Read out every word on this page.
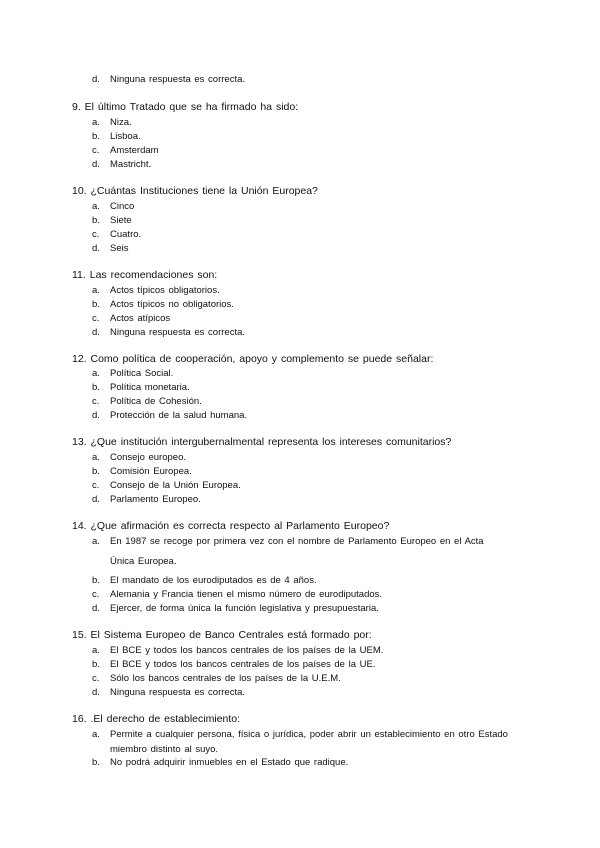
d. Ninguna respuesta es correcta.
9. El último Tratado que se ha firmado ha sido:
a. Niza.
b. Lisboa.
c. Amsterdam
d. Mastricht.
10. ¿Cuántas Instituciones tiene la Unión Europea?
a. Cinco
b. Siete
c. Cuatro.
d. Seis
11. Las recomendaciones son:
a. Actos típicos obligatorios.
b. Actos típicos no obligatorios.
c. Actos atípicos
d. Ninguna respuesta es correcta.
12. Como política de cooperación, apoyo y complemento se puede señalar:
a. Política Social.
b. Política monetaria.
c. Política de Cohesión.
d. Protección de la salud humana.
13. ¿Que institución intergubernalmental representa los intereses comunitarios?
a. Consejo europeo.
b. Comisión Europea.
c. Consejo de la Unión Europea.
d. Parlamento Europeo.
14. ¿Que afirmación es correcta respecto al Parlamento Europeo?
a. En 1987 se recoge por primera vez con el nombre de Parlamento Europeo en el Acta Única Europea.
b. El mandato de los eurodiputados es de 4 años.
c. Alemania y Francia tienen el mismo número de eurodiputados.
d. Ejercer, de forma única la función legislativa y presupuestaria.
15. El Sistema Europeo de Banco Centrales está formado por:
a. El BCE y todos los bancos centrales de los países de la UEM.
b. El BCE y todos los bancos centrales de los países de la UE.
c. Sólo los bancos centrales de los países de la U.E.M.
d. Ninguna respuesta es correcta.
16. .El derecho de establecimiento:
a. Permite a cualquier persona, física o jurídica, poder abrir un establecimiento en otro Estado miembro distinto al suyo.
b. No podrá adquirir inmuebles en el Estado que radique.
